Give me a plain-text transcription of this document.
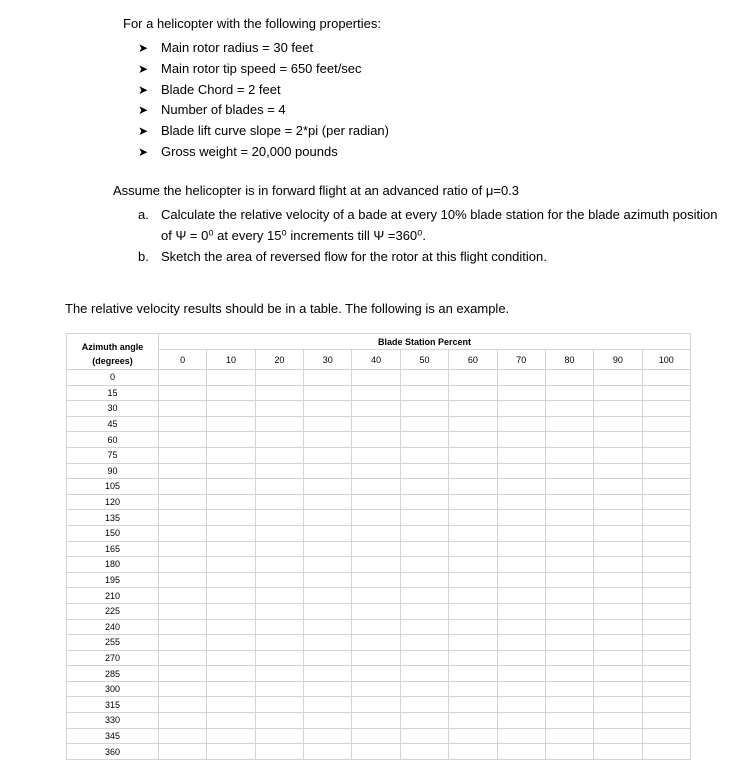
For a helicopter with the following properties:
➤ Main rotor radius = 30 feet
➤ Main rotor tip speed = 650 feet/sec
➤ Blade Chord = 2 feet
➤ Number of blades = 4
➤ Blade lift curve slope = 2*pi (per radian)
➤ Gross weight = 20,000 pounds
Assume the helicopter is in forward flight at an advanced ratio of μ=0.3
a. Calculate the relative velocity of a bade at every 10% blade station for the blade azimuth position of Ψ = 0⁰ at every 15⁰ increments till Ψ =360⁰.
b. Sketch the area of reversed flow for the rotor at this flight condition.
The relative velocity results should be in a table. The following is an example.
Azimuth angle (degrees)	Blade Station Percent										
	0	10	20	30	40	50	60	70	80	90	100
0											
15											
30											
45											
60											
75											
90											
105											
120											
135											
150											
165											
180											
195											
210											
225											
240											
255											
270											
285											
300											
315											
330											
345											
360											
